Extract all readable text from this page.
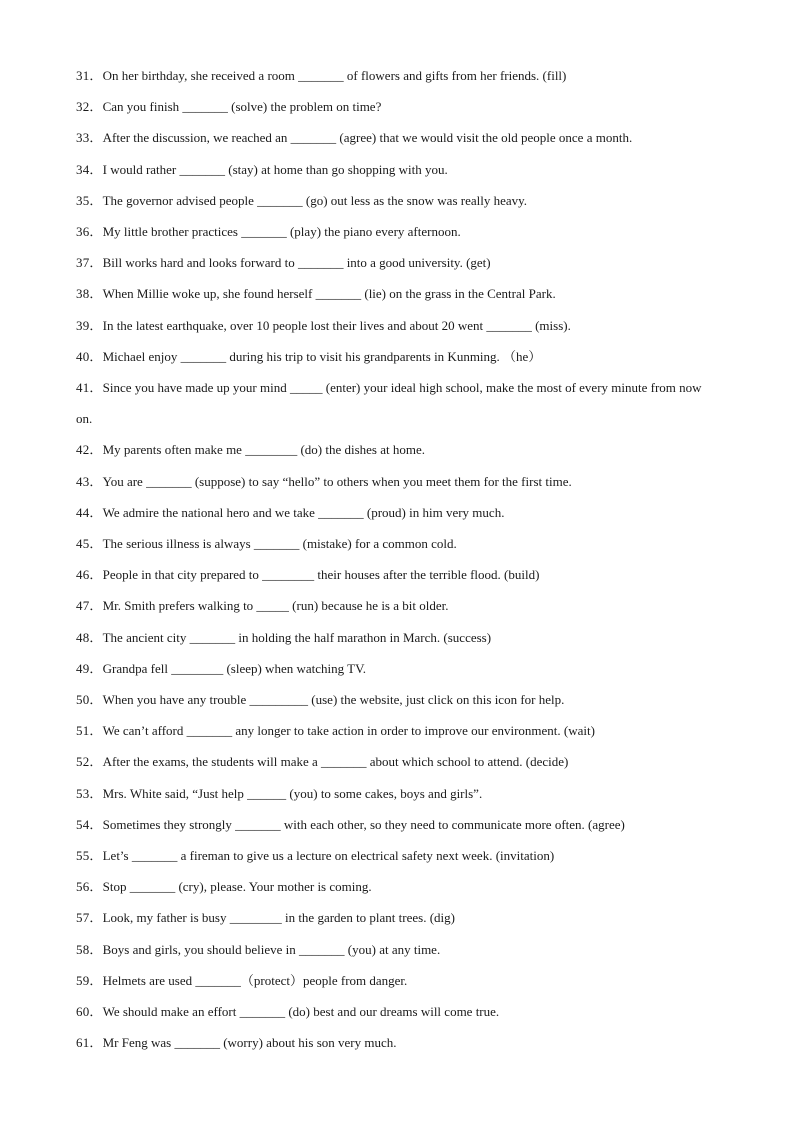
31．On her birthday, she received a room _______ of flowers and gifts from her friends. (fill)
32．Can you finish _______ (solve) the problem on time?
33．After the discussion, we reached an _______ (agree) that we would visit the old people once a month.
34．I would rather _______ (stay) at home than go shopping with you.
35．The governor advised people _______ (go) out less as the snow was really heavy.
36．My little brother practices _______ (play) the piano every afternoon.
37．Bill works hard and looks forward to _______ into a good university. (get)
38．When Millie woke up, she found herself _______ (lie) on the grass in the Central Park.
39．In the latest earthquake, over 10 people lost their lives and about 20 went _______ (miss).
40．Michael enjoy _______ during his trip to visit his grandparents in Kunming. （he）
41．Since you have made up your mind _____ (enter) your ideal high school, make the most of every minute from now on.
42．My parents often make me ________ (do) the dishes at home.
43．You are _______ (suppose) to say “hello” to others when you meet them for the first time.
44．We admire the national hero and we take _______ (proud) in him very much.
45．The serious illness is always _______ (mistake) for a common cold.
46．People in that city prepared to ________ their houses after the terrible flood. (build)
47．Mr. Smith prefers walking to _____ (run) because he is a bit older.
48．The ancient city _______ in holding the half marathon in March. (success)
49．Grandpa fell ________ (sleep) when watching TV.
50．When you have any trouble _________ (use) the website, just click on this icon for help.
51．We can’t afford _______ any longer to take action in order to improve our environment. (wait)
52．After the exams, the students will make a _______ about which school to attend. (decide)
53．Mrs. White said, “Just help ______ (you) to some cakes, boys and girls”.
54．Sometimes they strongly _______ with each other, so they need to communicate more often. (agree)
55．Let’s _______ a fireman to give us a lecture on electrical safety next week. (invitation)
56．Stop _______ (cry), please. Your mother is coming.
57．Look, my father is busy ________ in the garden to plant trees. (dig)
58．Boys and girls, you should believe in _______ (you) at any time.
59．Helmets are used _______（protect）people from danger.
60．We should make an effort _______ (do) best and our dreams will come true.
61．Mr Feng was _______ (worry) about his son very much.
